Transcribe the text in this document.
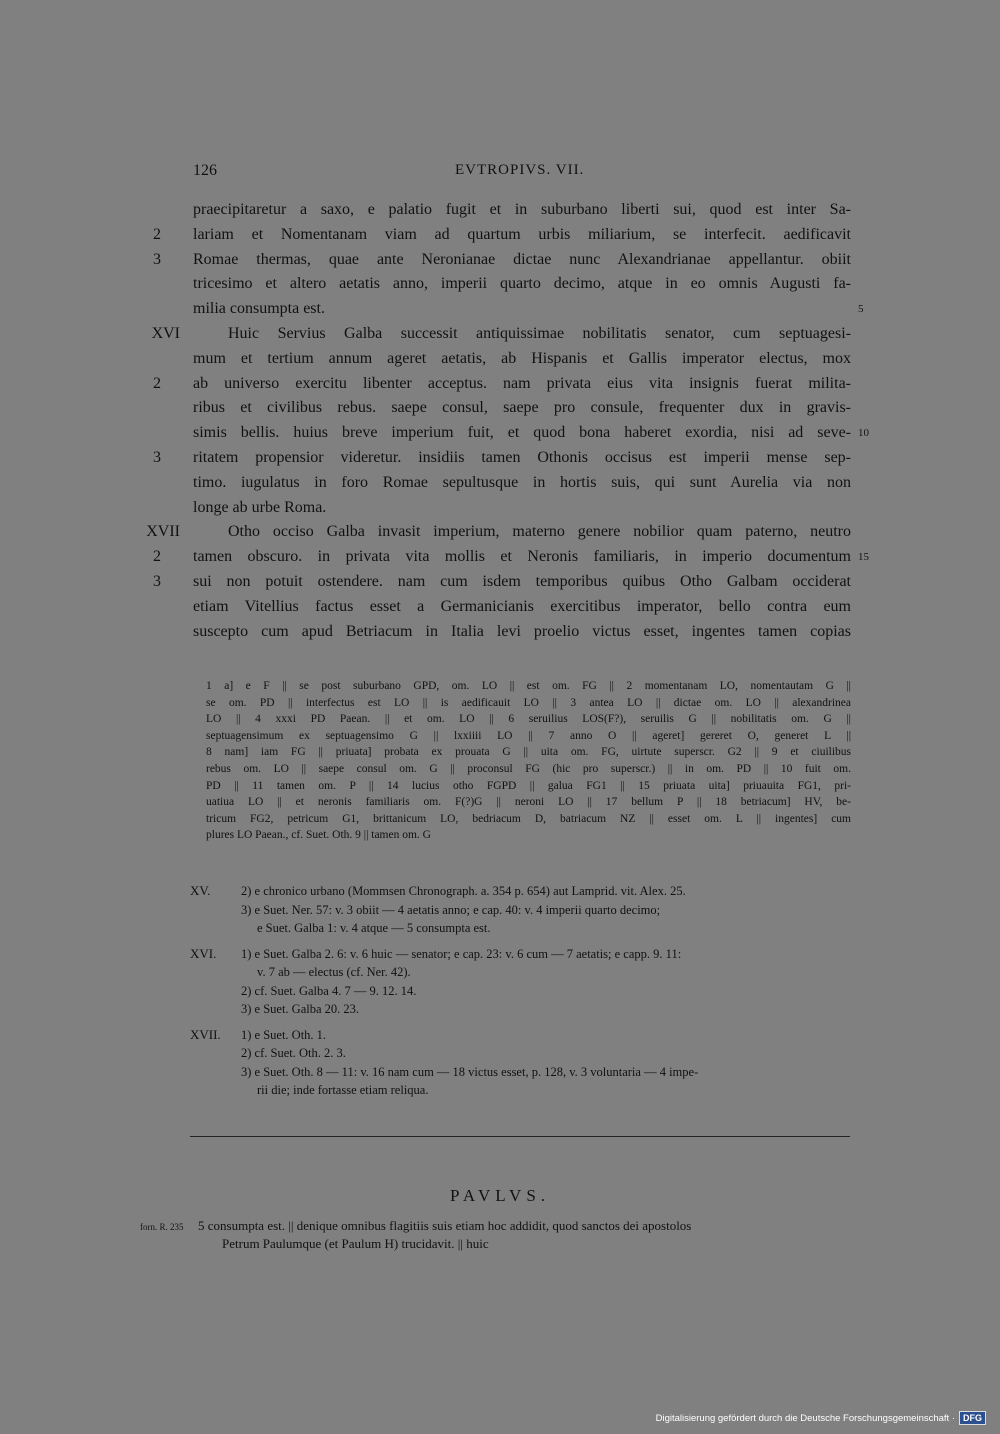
126	EVTROPIVS. VII.
praecipitaretur a saxo, e palatio fugit et in suburbano liberti sui, quod est inter Sa-
2 lariam et Nomentanam viam ad quartum urbis miliarium, se interfecit. aedificavit
3 Romae thermas, quae ante Neronianae dictae nunc Alexandrianae appellantur. obiit
tricesimo et altero aetatis anno, imperii quarto decimo, atque in eo omnis Augusti fa-
milia consumpta est.	5
XVI	Huic Servius Galba successit antiquissimae nobilitatis senator, cum septuagesi-
mum et tertium annum ageret aetatis, ab Hispanis et Gallis imperator electus, mox
2 ab universo exercitu libenter acceptus. nam privata eius vita insignis fuerat milita-
ribus et civilibus rebus. saepe consul, saepe pro consule, frequenter dux in gravis-
simis bellis. huius breve imperium fuit, et quod bona haberet exordia, nisi ad seve- 10
3 ritatem propensior videretur. insidiis tamen Othonis occisus est imperii mense sep-
timo. iugulatus in foro Romae sepultusque in hortis suis, qui sunt Aurelia via non
longe ab urbe Roma.
XVII	Otho occiso Galba invasit imperium, materno genere nobilior quam paterno, neutro
2 tamen obscuro. in privata vita mollis et Neronis familiaris, in imperio documentum 15
3 sui non potuit ostendere. nam cum isdem temporibus quibus Otho Galbam occiderat
etiam Vitellius factus esset a Germanicianis exercitibus imperator, bello contra eum
suscepto cum apud Betriacum in Italia levi proelio victus esset, ingentes tamen copias

1 a] e F || se post suburbano GPD, om. LO || est om. FG || 2 momentanam LO, nomentautam G ||
se om. PD || interfectus est LO || is aedificauit LO || 3 antea LO || dictae om. LO || alexandrinea
LO || 4 xxxi PD Paean. || et om. LO || 6 seruilius LOS(F?), seruilis G || nobilitatis om. G ||
septuagensimum ex septuagensimo G || lxxiiii LO || 7 anno O || ageret] gereret O, generet L ||
8 nam] iam FG || priuata] probata ex prouata G || uita om. FG, uirtute superscr. G2 || 9 et ciuilibus
rebus om. LO || saepe consul om. G || proconsul FG (hic pro superscr.) || in om. PD || 10 fuit om.
PD || 11 tamen om. P || 14 lucius otho FGPD || galua FG1 || 15 priuata uita] priuauita FG1, pri-
uatiua LO || et neronis familiaris om. F(?)G || neroni LO || 17 bellum P || 18 betriacum] HV, be-
tricum FG2, petricum G1, brittanicum LO, bedriacum D, batriacum NZ || esset om. L || ingentes] cum
plures LO Paean., cf. Suet. Oth. 9 || tamen om. G

XV. 2) e chronico urbano (Mommsen Chronograph. a. 354 p. 654) aut Lamprid. vit. Alex. 25.
3) e Suet. Ner. 57: v. 3 obiit — 4 aetatis anno; e cap. 40: v. 4 imperii quarto decimo;
e Suet. Galba 1: v. 4 atque — 5 consumpta est.
XVI. 1) e Suet. Galba 2. 6: v. 6 huic — senator; e cap. 23: v. 6 cum — 7 aetatis; e capp. 9. 11:
v. 7 ab — electus (cf. Ner. 42).
2) cf. Suet. Galba 4. 7 — 9. 12. 14.
3) e Suet. Galba 20. 23.
XVII. 1) e Suet. Oth. 1.
2) cf. Suet. Oth. 2. 3.
3) e Suet. Oth. 8 — 11: v. 16 nam cum — 18 victus esset, p. 128, v. 3 voluntaria — 4 impe-
rii die; inde fortasse etiam reliqua.
PAVLVS.
forn. R. 235 5 consumpta est. || denique omnibus flagitiis suis etiam hoc addidit, quod sanctos dei apostolos
Petrum Paulumque (et Paulum H) trucidavit. || huic
Digitalisierung gefördert durch die Deutsche Forschungsgemeinschaft · DFG
